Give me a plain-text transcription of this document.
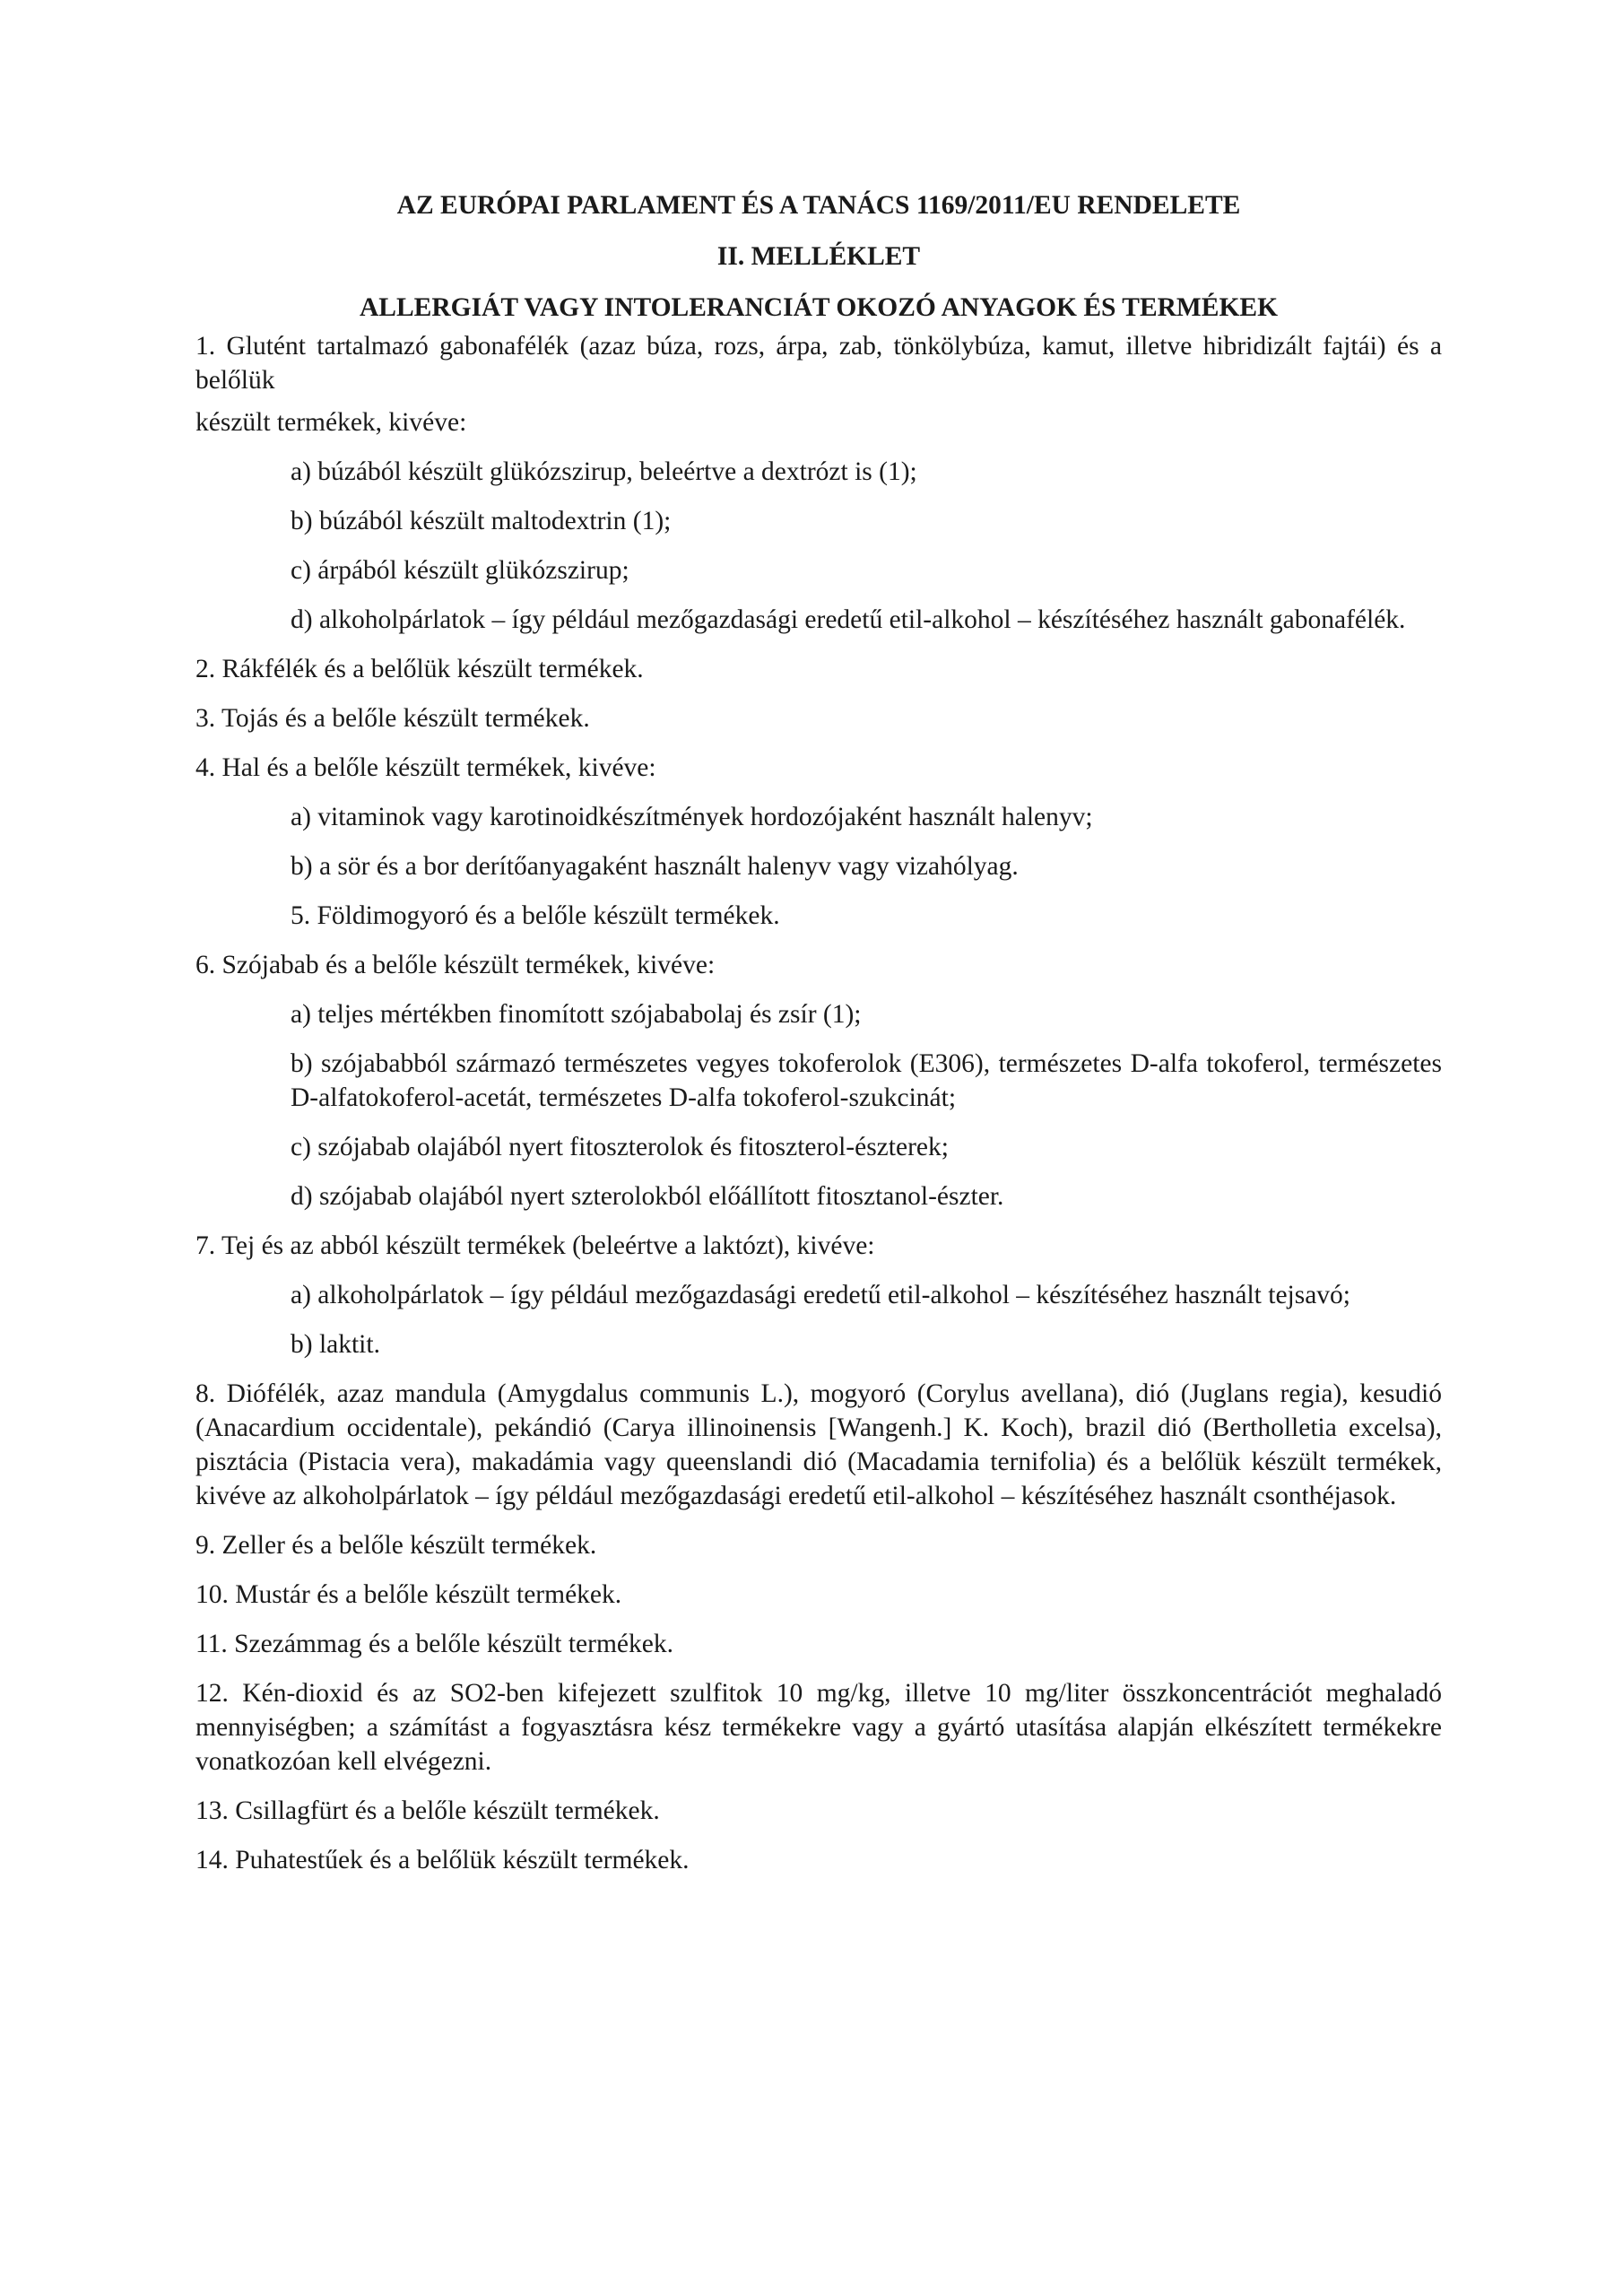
AZ EURÓPAI PARLAMENT ÉS A TANÁCS 1169/2011/EU RENDELETE
II. MELLÉKLET
ALLERGIÁT VAGY INTOLERANCIÁT OKOZÓ ANYAGOK ÉS TERMÉKEK

1. Glutént tartalmazó gabonafélék (azaz búza, rozs, árpa, zab, tönkölybúza, kamut, illetve hibridizált fajtái) és a belőlük

készült termékek, kivéve:

a) búzából készült glükózszirup, beleértve a dextrózt is (1);

b) búzából készült maltodextrin (1);

c) árpából készült glükózszirup;

d) alkoholpárlatok – így például mezőgazdasági eredetű etil-alkohol – készítéséhez használt gabonafélék.

2. Rákfélék és a belőlük készült termékek.

3. Tojás és a belőle készült termékek.

4. Hal és a belőle készült termékek, kivéve:

a) vitaminok vagy karotinoidkészítmények hordozójaként használt halenyv;

b) a sör és a bor derítőanyagaként használt halenyv vagy vizahólyag.

5. Földimogyoró és a belőle készült termékek.

6. Szójabab és a belőle készült termékek, kivéve:

a) teljes mértékben finomított szójababolaj és zsír (1);

b) szójababból származó természetes vegyes tokoferolok (E306), természetes D-alfa tokoferol, természetes D-alfatokoferol-acetát, természetes D-alfa tokoferol-szukcinát;

c) szójabab olajából nyert fitoszterolok és fitoszterol-észterek;

d) szójabab olajából nyert szterolokból előállított fitosztanol-észter.

7. Tej és az abból készült termékek (beleértve a laktózt), kivéve:

a) alkoholpárlatok – így például mezőgazdasági eredetű etil-alkohol – készítéséhez használt tejsavó;

b) laktit.

8. Diófélék, azaz mandula (Amygdalus communis L.), mogyoró (Corylus avellana), dió (Juglans regia), kesudió (Anacardium occidentale), pekándió (Carya illinoinensis [Wangenh.] K. Koch), brazil dió (Bertholletia excelsa), pisztácia (Pistacia vera), makadámia vagy queenslandi dió (Macadamia ternifolia) és a belőlük készült termékek, kivéve az alkoholpárlatok – így például mezőgazdasági eredetű etil-alkohol – készítéséhez használt csonthéjasok.

9. Zeller és a belőle készült termékek.

10. Mustár és a belőle készült termékek.

11. Szezámmag és a belőle készült termékek.

12. Kén-dioxid és az SO2-ben kifejezett szulfitok 10 mg/kg, illetve 10 mg/liter összkoncentrációt meghaladó mennyiségben; a számítást a fogyasztásra kész termékekre vagy a gyártó utasítása alapján elkészített termékekre vonatkozóan kell elvégezni.

13. Csillagfürt és a belőle készült termékek.

14. Puhatestűek és a belőlük készült termékek.
